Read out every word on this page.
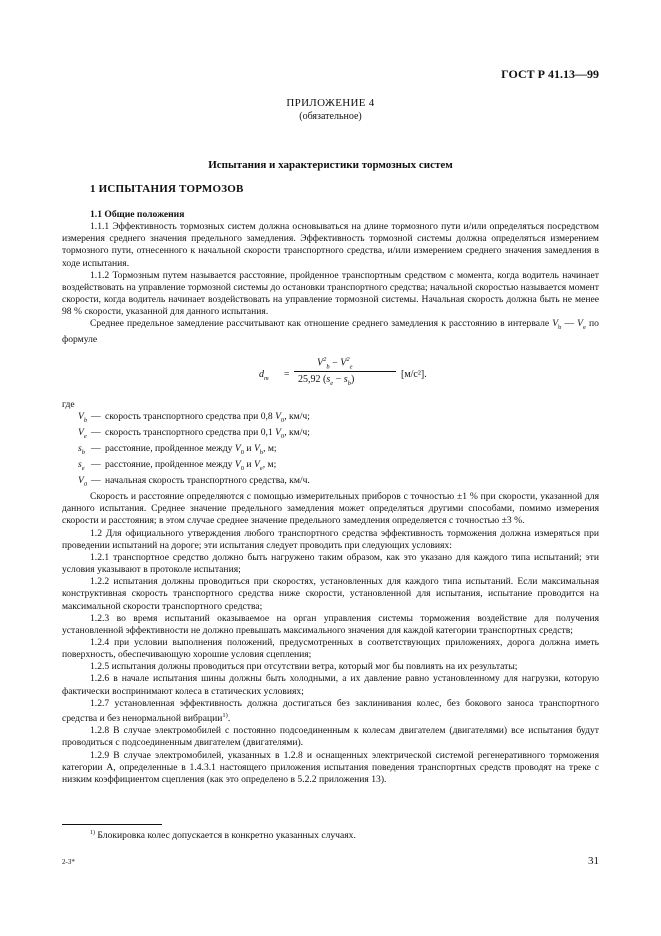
ГОСТ Р 41.13—99
ПРИЛОЖЕНИЕ 4
(обязательное)
Испытания и характеристики тормозных систем
1 ИСПЫТАНИЯ ТОРМОЗОВ

1.1 Общие положения

1.1.1 Эффективность тормозных систем должна основываться на длине тормозного пути и/или определяться посредством измерения среднего значения предельного замедления. Эффективность тормозной системы должна определяться измерением тормозного пути, отнесенного к начальной скорости транспортного средства, и/или измерением среднего значения замедления в ходе испытания.

1.1.2 Тормозным путем называется расстояние, пройденное транспортным средством с момента, когда водитель начинает воздействовать на управление тормозной системы до остановки транспортного средства; начальной скоростью называется момент скорости, когда водитель начинает воздействовать на управление тормозной системы. Начальная скорость должна быть не менее 98 % скорости, указанной для данного испытания.

Среднее предельное замедление рассчитывают как отношение среднего замедления к расстоянию в интервале $V_b$ — $V_e$ по формуле

$d_m$ =
$V^2_b - V^2_e$
25,92 $(s_e - s_b)$	[м/с²].

где

$V_b$ — скорость транспортного средства при 0,8 $V_0$, км/ч;
$V_e$ — скорость транспортного средства при 0,1 $V_0$, км/ч;
$s_b$ — расстояние, пройденное между $V_0$ и $V_b$, м;
$s_e$ — расстояние, пройденное между $V_0$ и $V_e$, м;
$V_0$ — начальная скорость транспортного средства, км/ч.

Скорость и расстояние определяются с помощью измерительных приборов с точностью ±1 % при скорости, указанной для данного испытания. Среднее значение предельного замедления может определяться другими способами, помимо измерения скорости и расстояния; в этом случае среднее значение предельного замедления определяется с точностью ±3 %.

1.2 Для официального утверждения любого транспортного средства эффективность торможения должна измеряться при проведении испытаний на дороге; эти испытания следует проводить при следующих условиях:

1.2.1 транспортное средство должно быть нагружено таким образом, как это указано для каждого типа испытаний; эти условия указывают в протоколе испытания;

1.2.2 испытания должны проводиться при скоростях, установленных для каждого типа испытаний. Если максимальная конструктивная скорость транспортного средства ниже скорости, установленной для испытания, испытание проводится на максимальной скорости транспортного средства;

1.2.3 во время испытаний оказываемое на орган управления системы торможения воздействие для получения установленной эффективности не должно превышать максимального значения для каждой категории транспортных средств;

1.2.4 при условии выполнения положений, предусмотренных в соответствующих приложениях, дорога должна иметь поверхность, обеспечивающую хорошие условия сцепления;

1.2.5 испытания должны проводиться при отсутствии ветра, который мог бы повлиять на их результаты;

1.2.6 в начале испытания шины должны быть холодными, а их давление равно установленному для нагрузки, которую фактически воспринимают колеса в статических условиях;

1.2.7 установленная эффективность должна достигаться без заклинивания колес, без бокового заноса транспортного средства и без ненормальной вибрации$^{1)}$.

1.2.8 В случае электромобилей с постоянно подсоединенным к колесам двигателем (двигателями) все испытания будут проводиться с подсоединенным двигателем (двигателями).

1.2.9 В случае электромобилей, указанных в 1.2.8 и оснащенных электрической системой регенеративного торможения категории А, определенные в 1.4.3.1 настоящего приложения испытания поведения транспортных средств проводят на треке с низким коэффициентом сцепления (как это определено в 5.2.2 приложения 13).

$^{1)}$ Блокировка колес допускается в конкретно указанных случаях.
2-3*	31
